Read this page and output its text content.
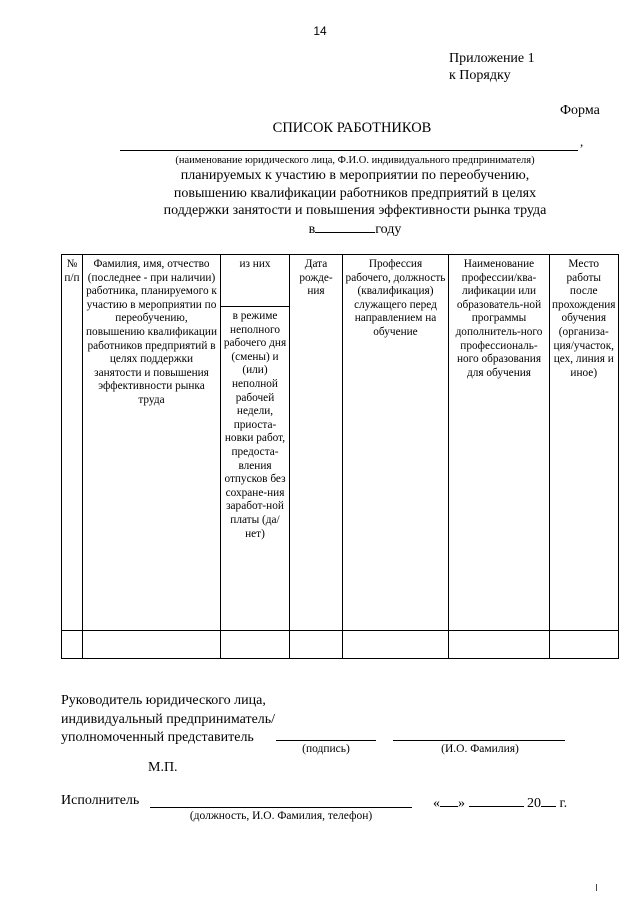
14
Приложение 1
к Порядку
Форма
СПИСОК РАБОТНИКОВ
,
(наименование юридического лица, Ф.И.О. индивидуального предпринимателя)
планируемых к участию в мероприятии по переобучению,
повышению квалификации работников предприятий в целях
поддержки занятости и повышения эффективности рынка труда
в	году
№ п/п	Фамилия, имя, отчество (последнее - при наличии) работника, планируемого к участию в мероприятии по переобучению, повышению квалификации работников предприятий в целях поддержки занятости и повышения эффективности рынка труда	из них	Дата рожде-ния	Профессия рабочего, должность (квалификация) служащего перед направлением на обучение	Наименование профессии/ква-лификации или образователь-ной программы дополнитель-ного профессиональ-ного образования для обучения	Место работы после прохождения обучения (организа-ция/участок, цех, линия и иное)
		в режиме неполного рабочего дня (смены) и (или) неполной рабочей недели, приоста-новки работ, предоста-вления отпусков без сохране-ния заработ-ной платы (да/нет)				

Руководитель юридического лица,
индивидуальный предприниматель/
уполномоченный представитель
(подпись)	(И.О. Фамилия)
М.П.
Исполнитель
(должность, И.О. Фамилия, телефон)
« »	20 г.
